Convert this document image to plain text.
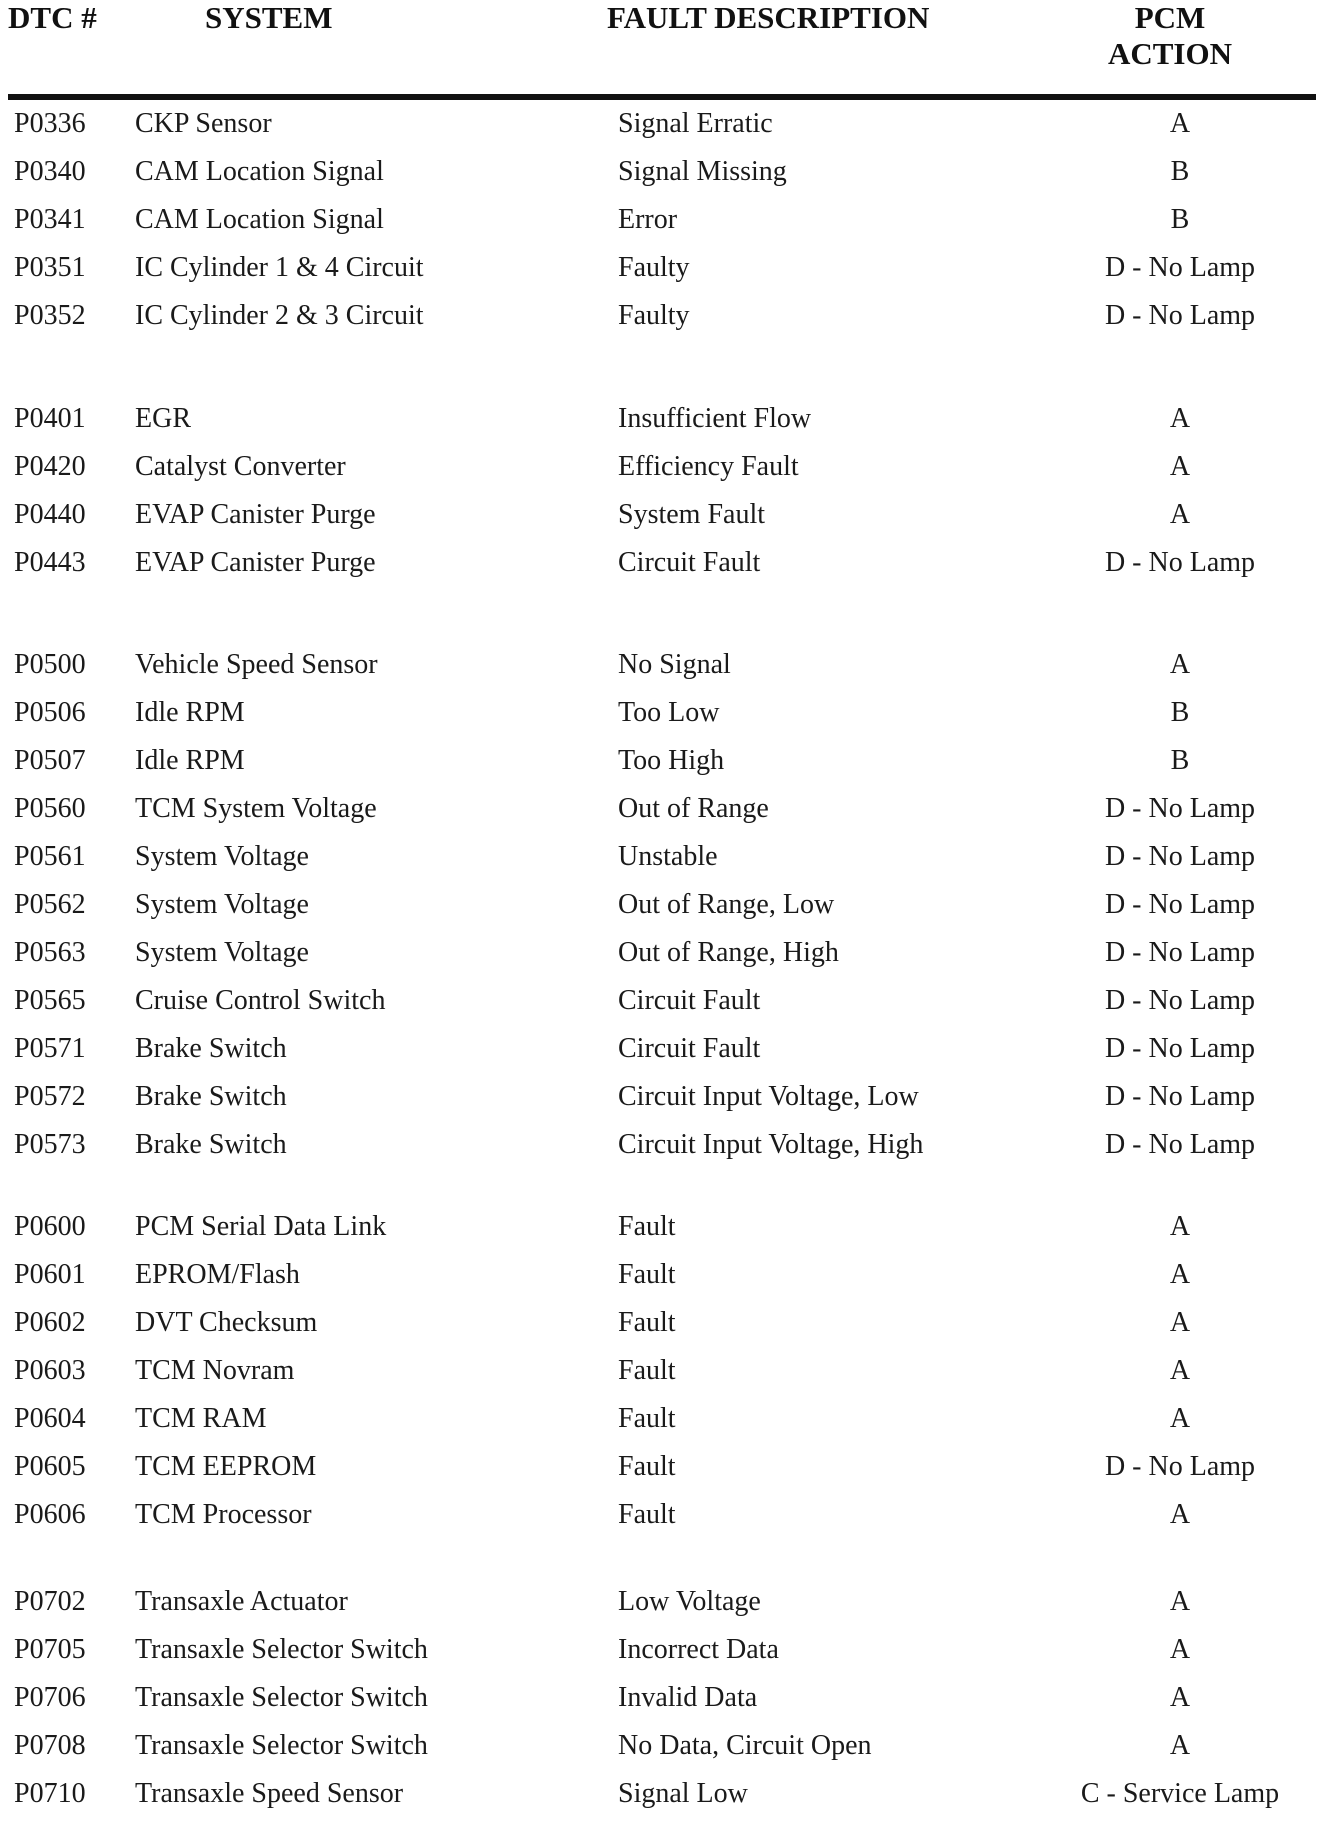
DTC #	SYSTEM	FAULT DESCRIPTION	PCM
ACTION
P0336 CKP Sensor	Signal Erratic	A
P0340 CAM Location Signal	Signal Missing	B
P0341 CAM Location Signal	Error	B
P0351 IC Cylinder 1 & 4 Circuit	Faulty	D - No Lamp
P0352 IC Cylinder 2 & 3 Circuit	Faulty	D - No Lamp
P0401 EGR	Insufficient Flow	A
P0420 Catalyst Converter	Efficiency Fault	A
P0440 EVAP Canister Purge	System Fault	A
P0443 EVAP Canister Purge	Circuit Fault	D - No Lamp
P0500 Vehicle Speed Sensor	No Signal	A
P0506 Idle RPM	Too Low	B
P0507 Idle RPM	Too High	B
P0560 TCM System Voltage	Out of Range	D - No Lamp
P0561 System Voltage	Unstable	D - No Lamp
P0562 System Voltage	Out of Range, Low	D - No Lamp
P0563 System Voltage	Out of Range, High	D - No Lamp
P0565 Cruise Control Switch	Circuit Fault	D - No Lamp
P0571 Brake Switch	Circuit Fault	D - No Lamp
P0572 Brake Switch	Circuit Input Voltage, Low	D - No Lamp
P0573 Brake Switch	Circuit Input Voltage, High	D - No Lamp
P0600 PCM Serial Data Link	Fault	A
P0601 EPROM/Flash	Fault	A
P0602 DVT Checksum	Fault	A
P0603 TCM Novram	Fault	A
P0604 TCM RAM	Fault	A
P0605 TCM EEPROM	Fault	D - No Lamp
P0606 TCM Processor	Fault	A
P0702 Transaxle Actuator	Low Voltage	A
P0705 Transaxle Selector Switch	Incorrect Data	A
P0706 Transaxle Selector Switch	Invalid Data	A
P0708 Transaxle Selector Switch	No Data, Circuit Open	A
P0710 Transaxle Speed Sensor	Signal Low	C - Service Lamp
